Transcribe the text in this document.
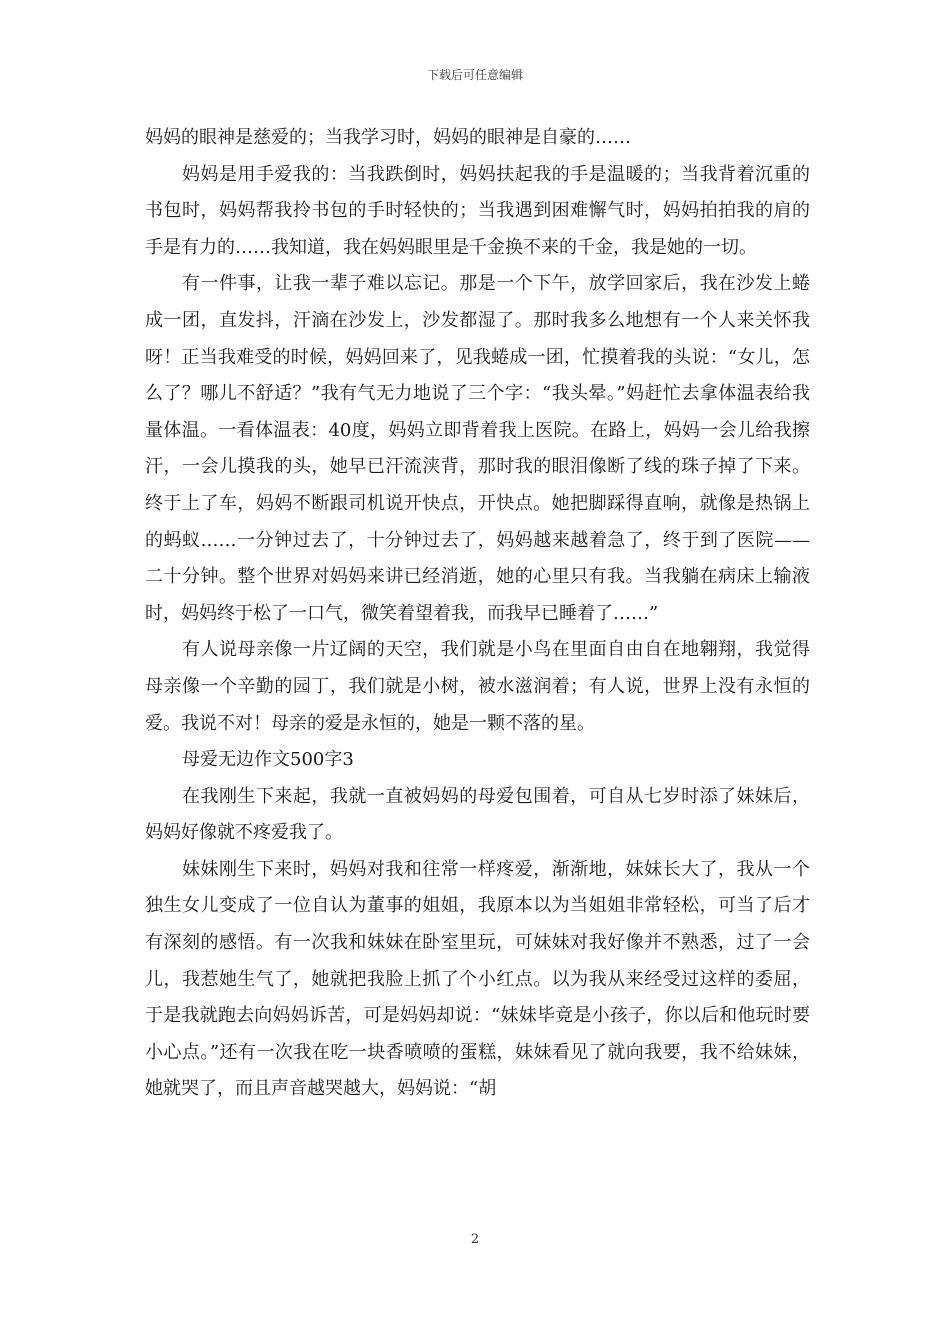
下载后可任意编辑

妈妈的眼神是慈爱的；当我学习时，妈妈的眼神是自豪的……

妈妈是用手爱我的：当我跌倒时，妈妈扶起我的手是温暖的；当我背着沉重的书包时，妈妈帮我拎书包的手时轻快的；当我遇到困难懈气时，妈妈拍拍我的肩的手是有力的……我知道，我在妈妈眼里是千金换不来的千金，我是她的一切。

有一件事，让我一辈子难以忘记。那是一个下午，放学回家后，我在沙发上蜷成一团，直发抖，汗滴在沙发上，沙发都湿了。那时我多么地想有一个人来关怀我呀！正当我难受的时候，妈妈回来了，见我蜷成一团，忙摸着我的头说：“女儿，怎么了？哪儿不舒适？”我有气无力地说了三个字：“我头晕。”妈赶忙去拿体温表给我量体温。一看体温表：40度，妈妈立即背着我上医院。在路上，妈妈一会儿给我擦汗，一会儿摸我的头，她早已汗流浃背，那时我的眼泪像断了线的珠子掉了下来。终于上了车，妈妈不断跟司机说开快点，开快点。她把脚踩得直响，就像是热锅上的蚂蚁……一分钟过去了，十分钟过去了，妈妈越来越着急了，终于到了医院——二十分钟。整个世界对妈妈来讲已经消逝，她的心里只有我。当我躺在病床上输液时，妈妈终于松了一口气，微笑着望着我，而我早已睡着了……”

有人说母亲像一片辽阔的天空，我们就是小鸟在里面自由自在地翱翔，我觉得母亲像一个辛勤的园丁，我们就是小树，被水滋润着；有人说，世界上没有永恒的爱。我说不对！母亲的爱是永恒的，她是一颗不落的星。

母爱无边作文500字3

在我刚生下来起，我就一直被妈妈的母爱包围着，可自从七岁时添了妹妹后，妈妈好像就不疼爱我了。

妹妹刚生下来时，妈妈对我和往常一样疼爱，渐渐地，妹妹长大了，我从一个独生女儿变成了一位自认为董事的姐姐，我原本以为当姐姐非常轻松，可当了后才有深刻的感悟。有一次我和妹妹在卧室里玩，可妹妹对我好像并不熟悉，过了一会儿，我惹她生气了，她就把我脸上抓了个小红点。以为我从来经受过这样的委屈，于是我就跑去向妈妈诉苦，可是妈妈却说：“妹妹毕竟是小孩子，你以后和他玩时要小心点。”还有一次我在吃一块香喷喷的蛋糕，妹妹看见了就向我要，我不给妹妹，她就哭了，而且声音越哭越大，妈妈说：“胡

2
